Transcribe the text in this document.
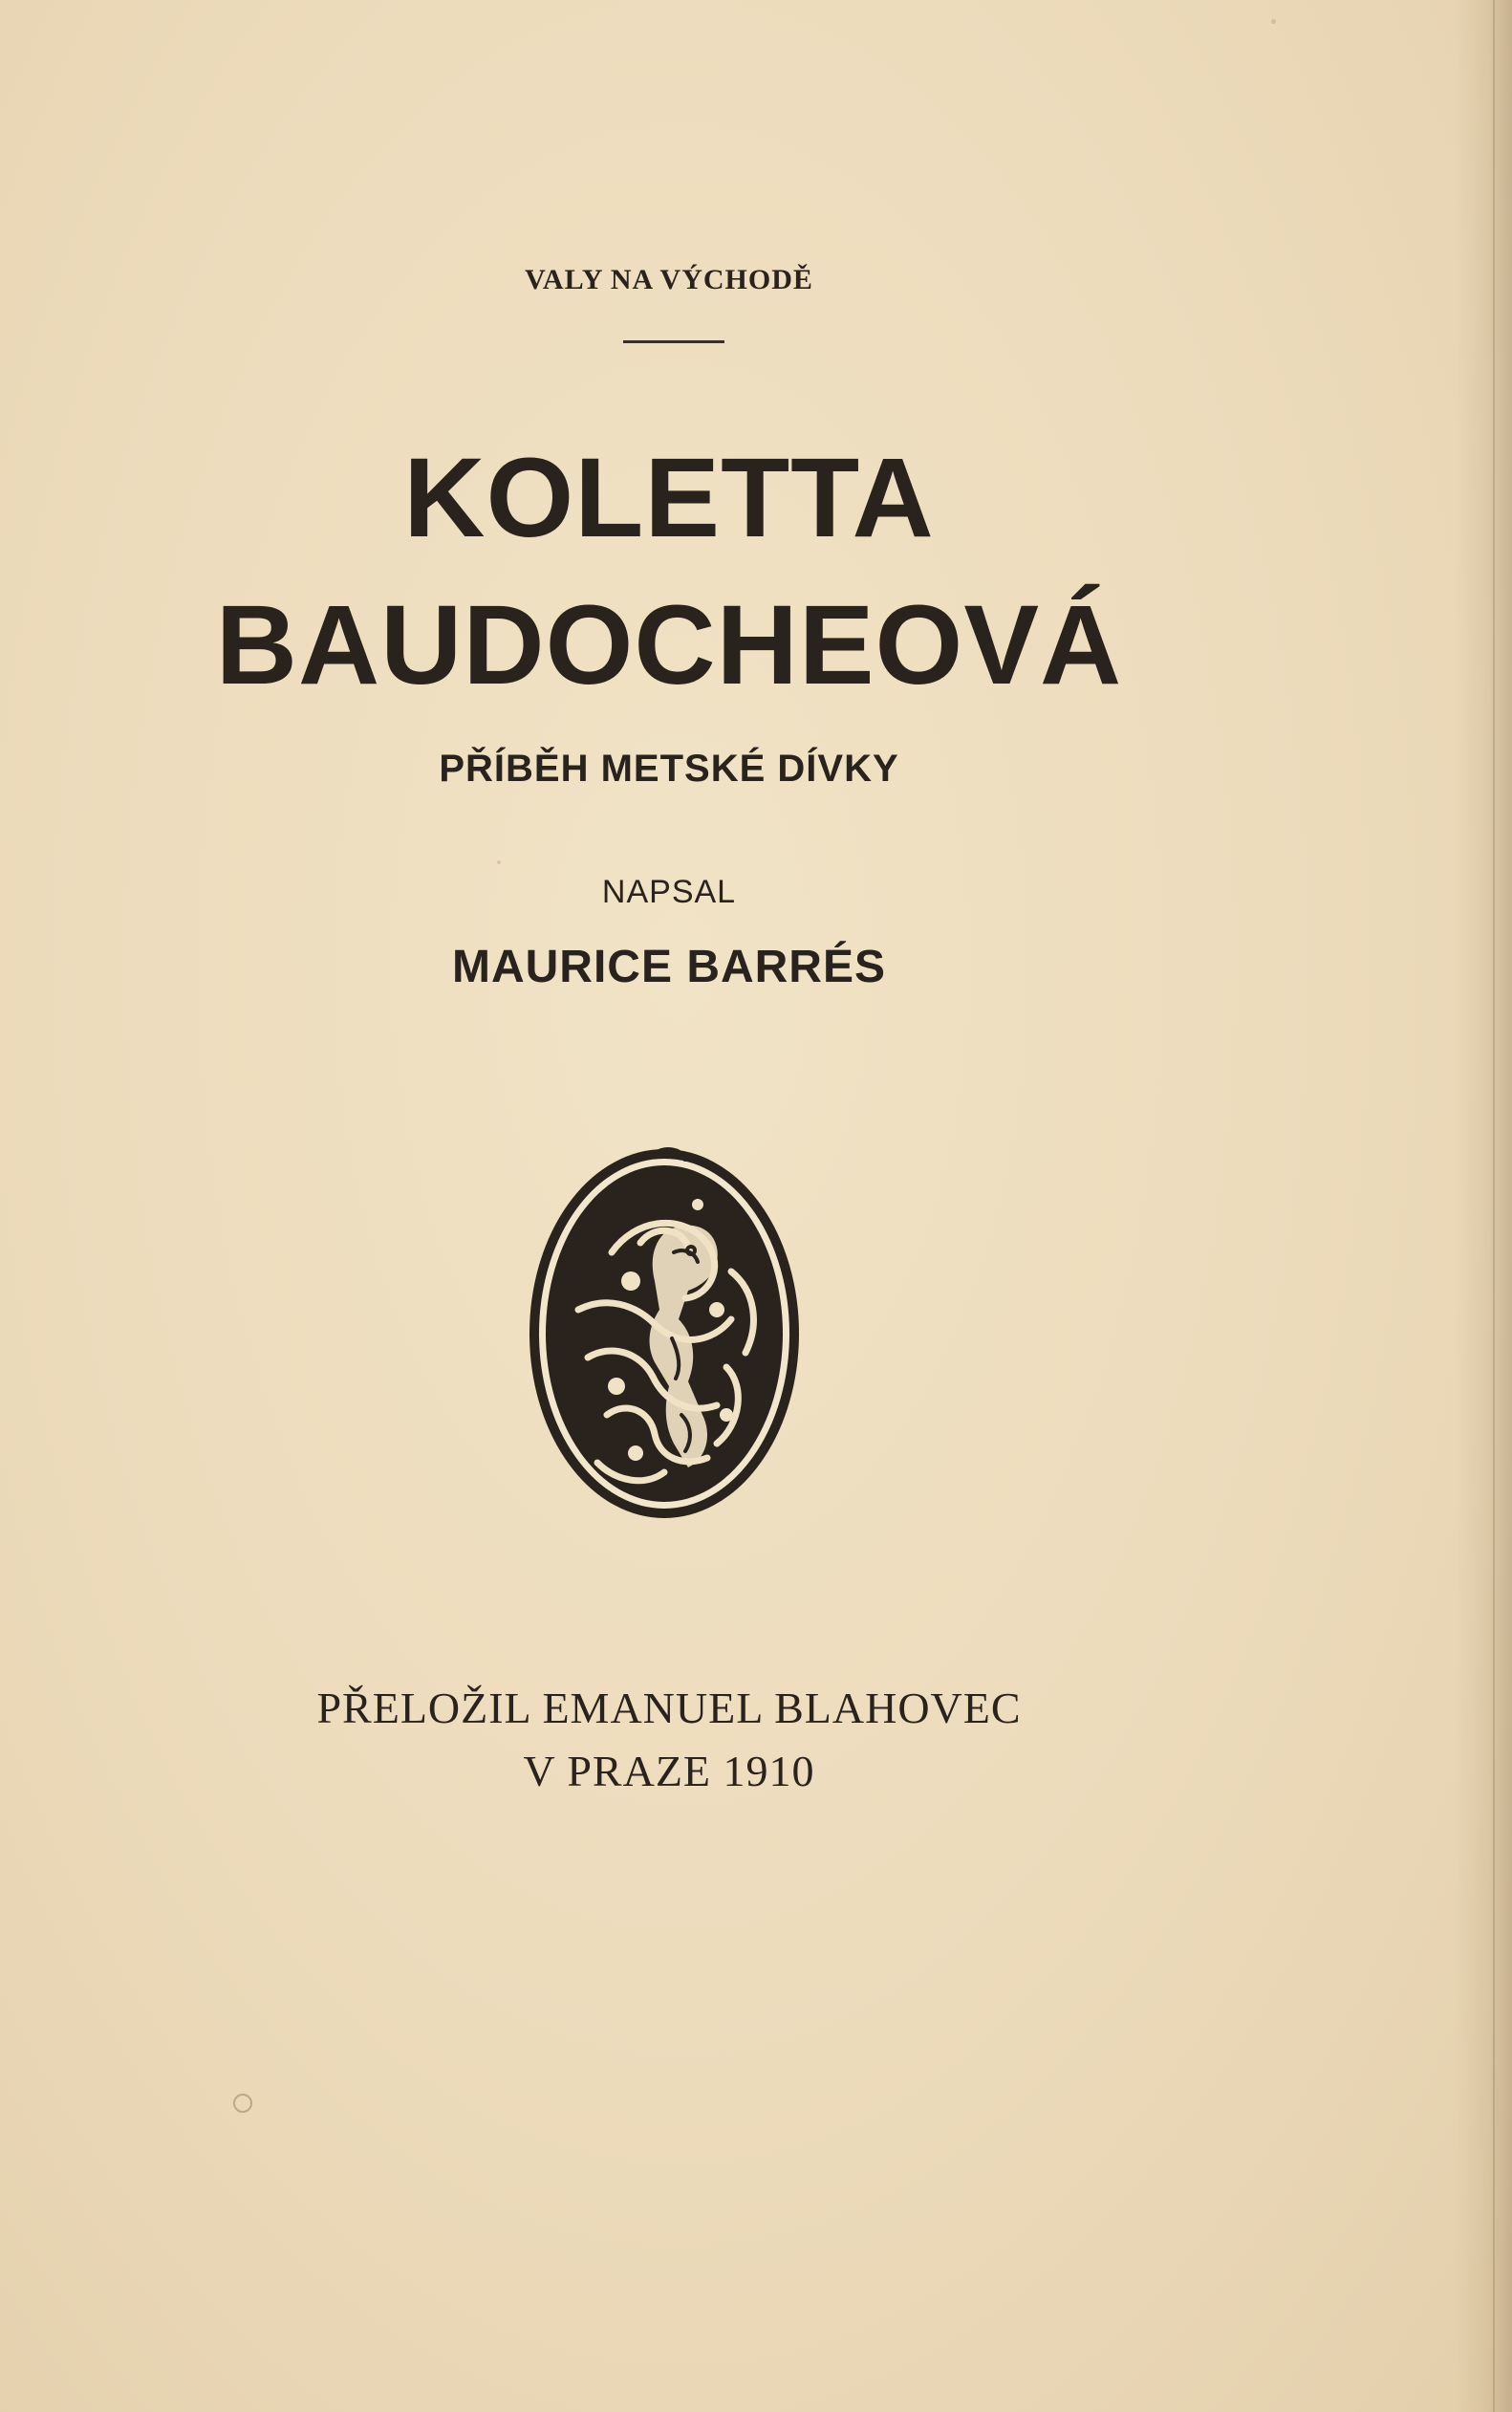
VALY NA VÝCHODĚ
KOLETTA
BAUDOCHEOVÁ
PŘÍBĚH METSKÉ DÍVKY
NAPSAL
MAURICE BARRÉS
PŘELOŽIL EMANUEL BLAHOVEC
V PRAZE 1910
